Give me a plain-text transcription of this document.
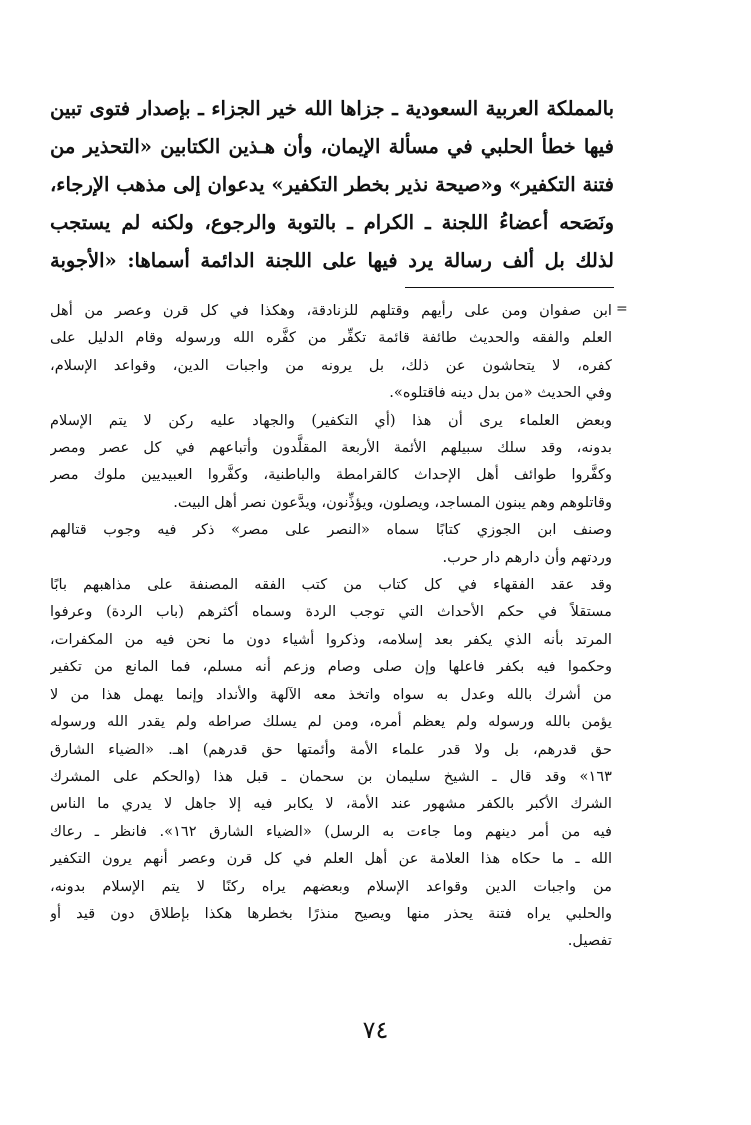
بالمملكة العربية السعودية ـ جزاها الله خير الجزاء ـ بإصدار فتوى تبين
فيها خطأ الحلبي في مسألة الإيمان، وأن هـذين الكتابين «التحذير من
فتنة التكفير» و«صيحة نذير بخطر التكفير» يدعوان إلى مذهب الإرجاء،
ونَصَحه أعضاءُ اللجنة ـ الكرام ـ بالتوبة والرجوع، ولكنه لم يستجب
لذلك بل ألف رسالة يرد فيها على اللجنة الدائمة أسماها: «الأجوبة
=
ابن صفوان ومن على رأيهم وقتلهم للزنادقة، وهكذا في كل قرن وعصر من أهل
العلم والفقه والحديث طائفة قائمة تكفِّر من كفَّره الله ورسوله وقام الدليل على
كفره، لا يتحاشون عن ذلك، بل يرونه من واجبات الدين، وقواعد الإسلام،
وفي الحديث «من بدل دينه فاقتلوه».
وبعض العلماء يرى أن هذا (أي التكفير) والجهاد عليه ركن لا يتم الإسلام
بدونه، وقد سلك سبيلهم الأئمة الأربعة المقلَّدون وأتباعهم في كل عصر ومصر
وكفَّروا طوائف أهل الإحداث كالقرامطة والباطنية، وكفَّروا العبيديين ملوك مصر
وقاتلوهم وهم يبنون المساجد، ويصلون، ويؤذِّنون، ويدَّعون نصر أهل البيت.
وصنف ابن الجوزي كتابًا سماه «النصر على مصر» ذكر فيه وجوب قتالهم
وردتهم وأن دارهم دار حرب.
وقد عقد الفقهاء في كل كتاب من كتب الفقه المصنفة على مذاهبهم بابًا
مستقلاً في حكم الأحداث التي توجب الردة وسماه أكثرهم (باب الردة) وعرفوا
المرتد بأنه الذي يكفر بعد إسلامه، وذكروا أشياء دون ما نحن فيه من المكفرات،
وحكموا فيه بكفر فاعلها وإن صلى وصام وزعم أنه مسلم، فما المانع من تكفير
من أشرك بالله وعدل به سواه واتخذ معه الآلهة والأنداد وإنما يهمل هذا من لا
يؤمن بالله ورسوله ولم يعظم أمره، ومن لم يسلك صراطه ولم يقدر الله ورسوله
حق قدرهم، بل ولا قدر علماء الأمة وأئمتها حق قدرهم) اهـ. «الضياء الشارق
١٦٣» وقد قال ـ الشيخ سليمان بن سحمان ـ قبل هذا (والحكم على المشرك
الشرك الأكبر بالكفر مشهور عند الأمة، لا يكابر فيه إلا جاهل لا يدري ما الناس
فيه من أمر دينهم وما جاءت به الرسل) «الضياء الشارق ١٦٢». فانظر ـ رعاك
الله ـ ما حكاه هذا العلامة عن أهل العلم في كل قرن وعصر أنهم يرون التكفير
من واجبات الدين وقواعد الإسلام وبعضهم يراه ركنًا لا يتم الإسلام بدونه،
والحلبي يراه فتنة يحذر منها ويصيح منذرًا بخطرها هكذا بإطلاق دون قيد أو
تفصيل.
٧٤
